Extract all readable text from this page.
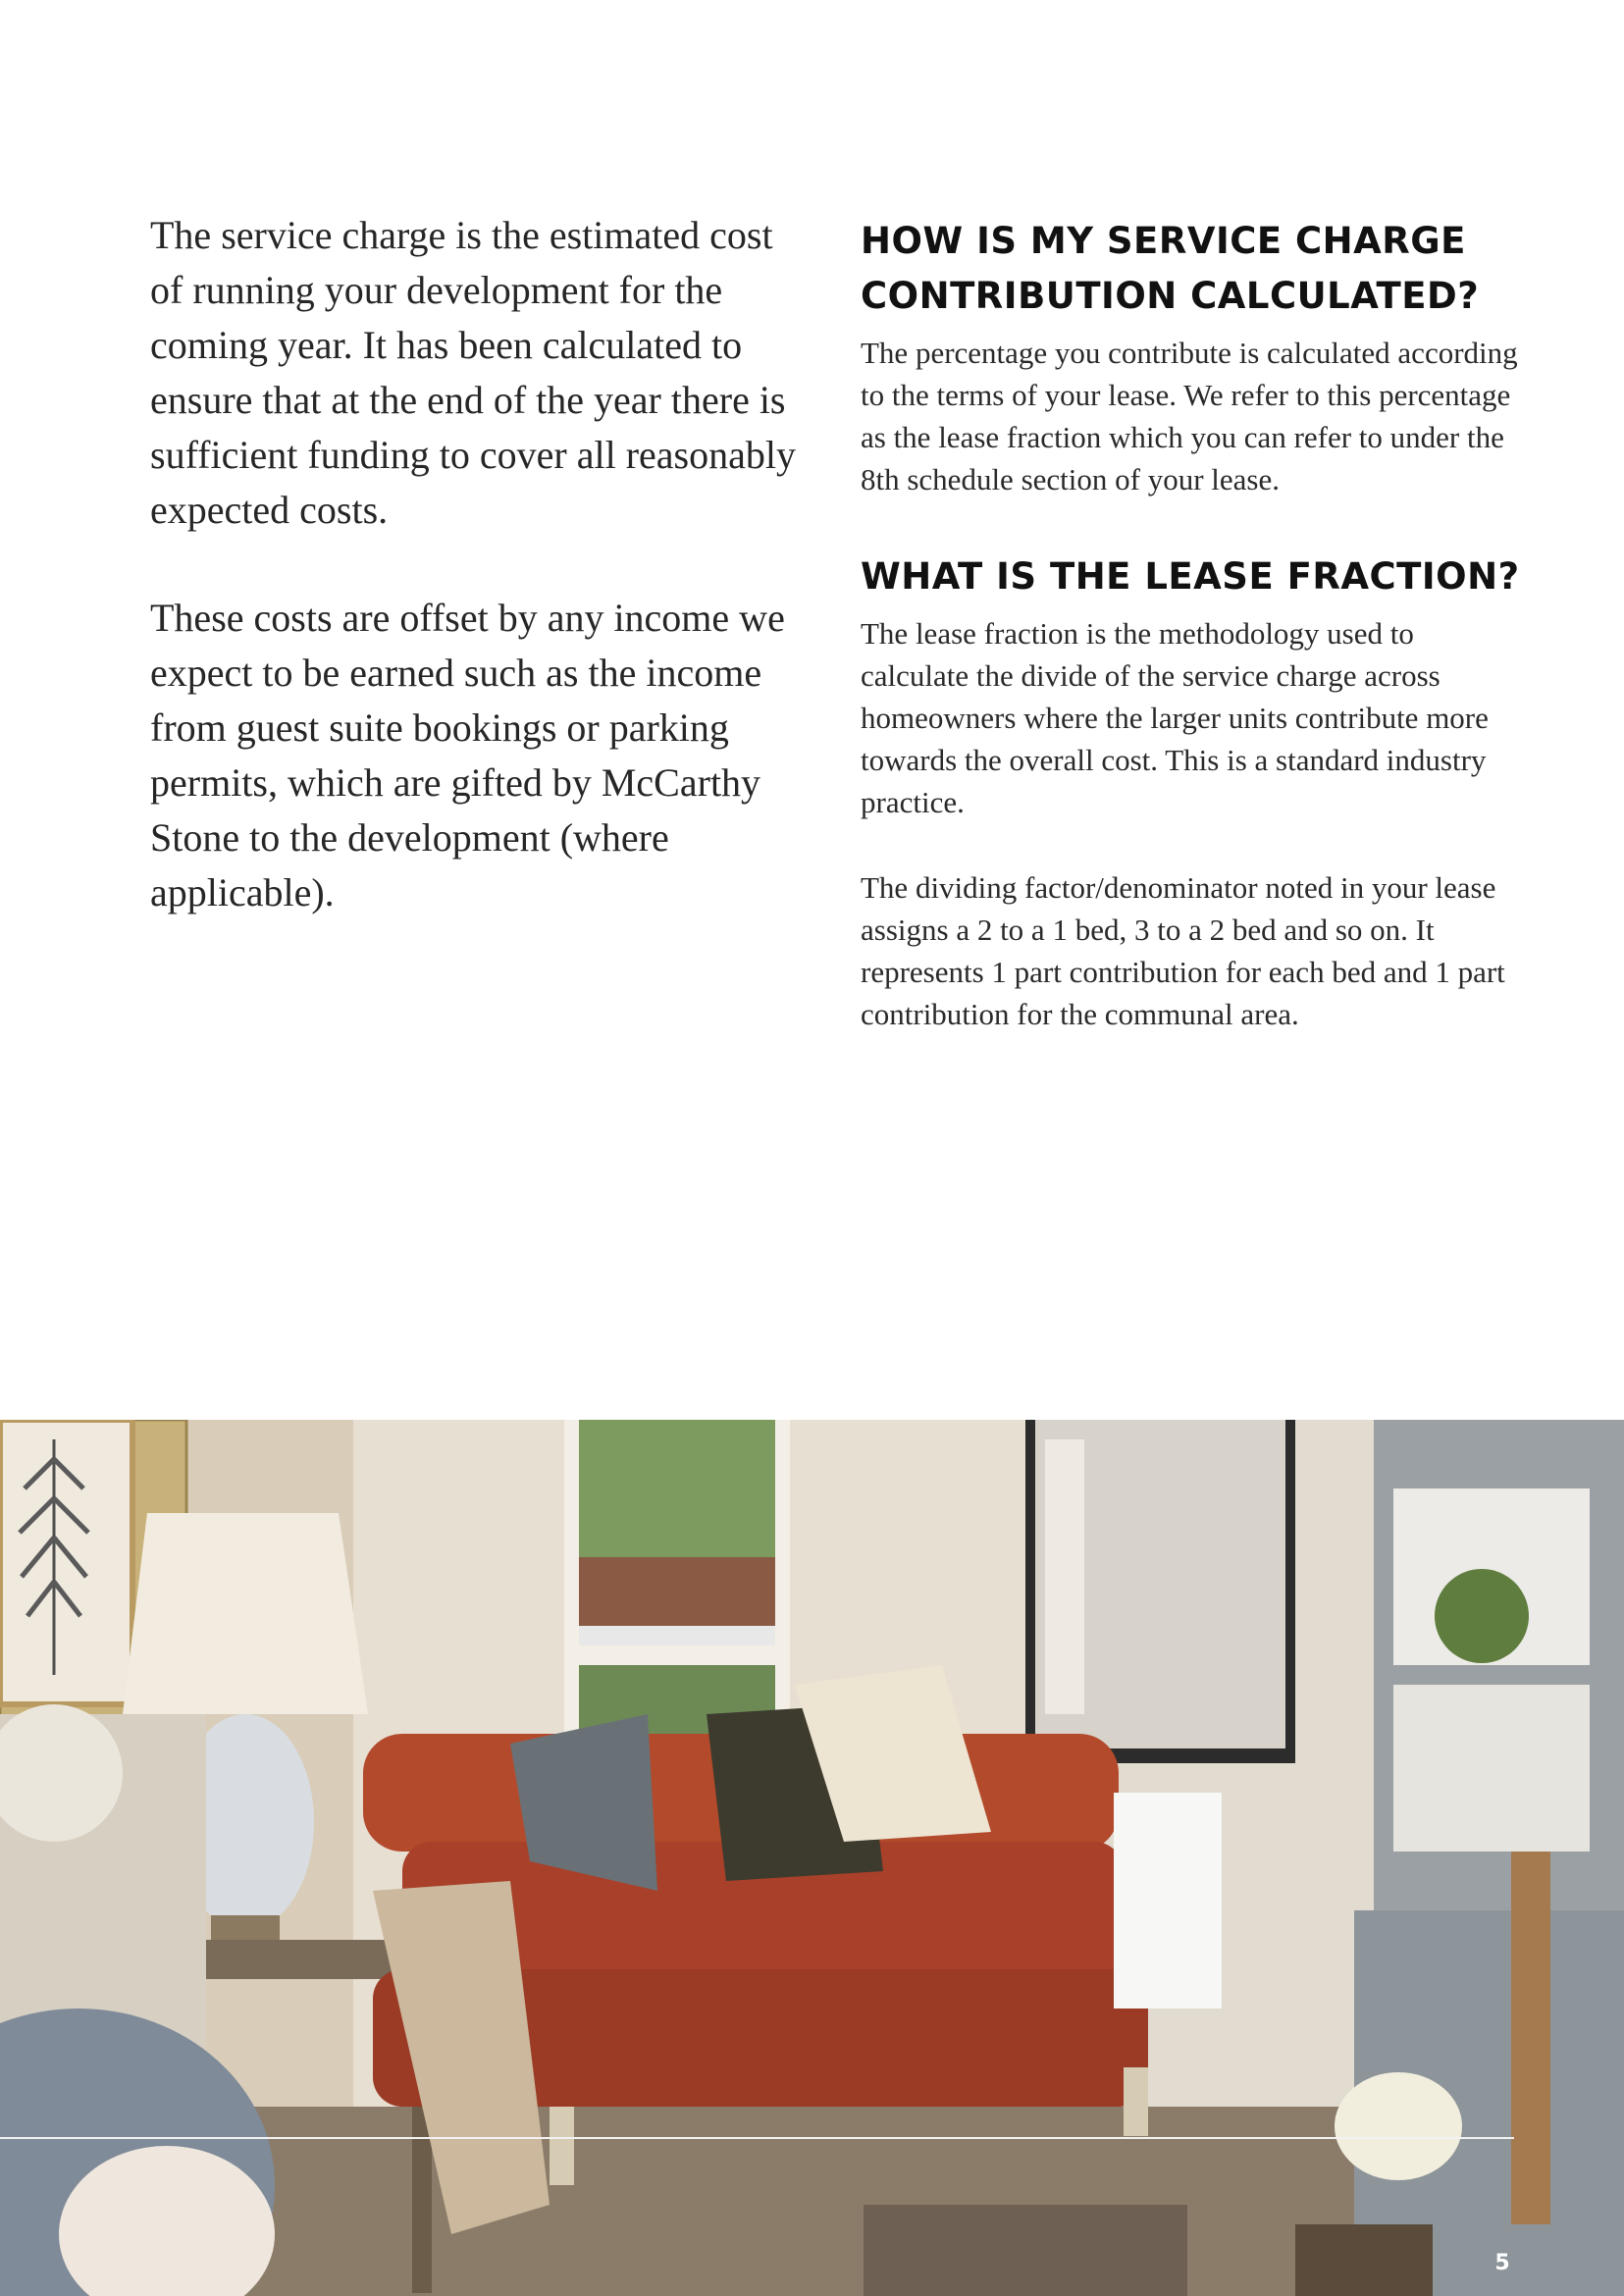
The service charge is the estimated cost of running your development for the coming year. It has been calculated to ensure that at the end of the year there is sufficient funding to cover all reasonably expected costs.

These costs are offset by any income we expect to be earned such as the income from guest suite bookings or parking permits, which are gifted by McCarthy Stone to the development (where applicable).

HOW IS MY SERVICE CHARGE CONTRIBUTION CALCULATED?

The percentage you contribute is calculated according to the terms of your lease. We refer to this percentage as the lease fraction which you can refer to under the 8th schedule section of your lease.

WHAT IS THE LEASE FRACTION?

The lease fraction is the methodology used to calculate the divide of the service charge across homeowners where the larger units contribute more towards the overall cost. This is a standard industry practice.

The dividing factor/denominator noted in your lease assigns a 2 to a 1 bed, 3 to a 2 bed and so on. It represents 1 part contribution for each bed and 1 part contribution for the communal area.

5
